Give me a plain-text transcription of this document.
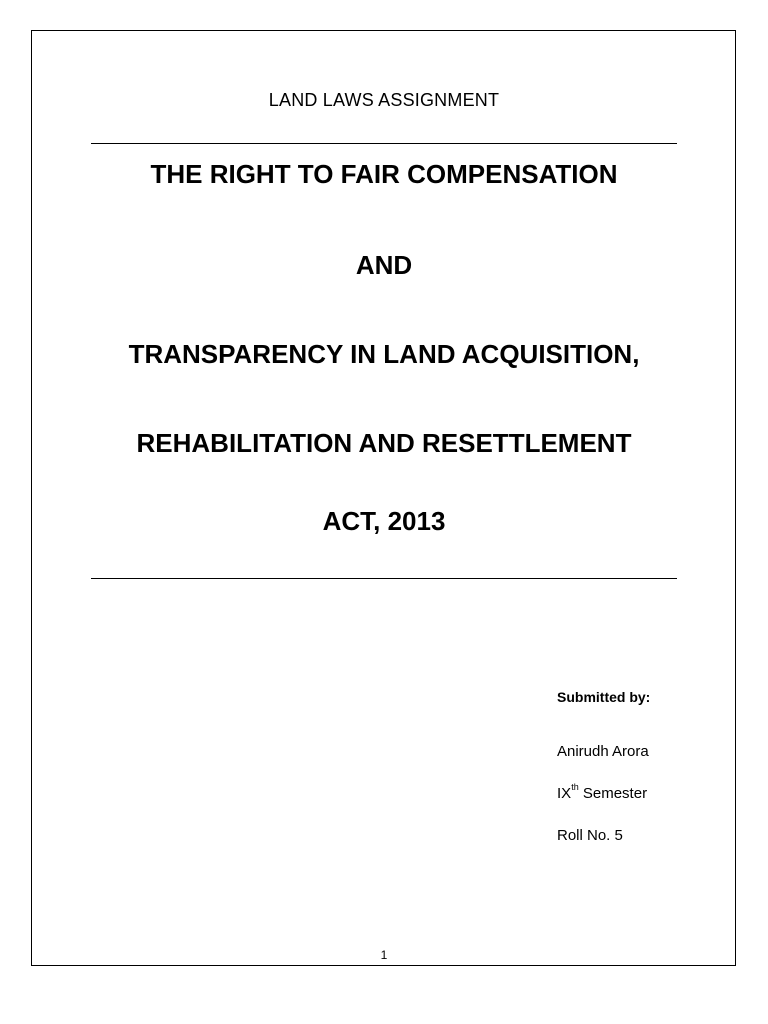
LAND LAWS ASSIGNMENT
THE RIGHT TO FAIR COMPENSATION
AND
TRANSPARENCY IN LAND ACQUISITION,
REHABILITATION AND RESETTLEMENT
ACT, 2013
Submitted by:
Anirudh Arora
IXth Semester
Roll No. 5
1
